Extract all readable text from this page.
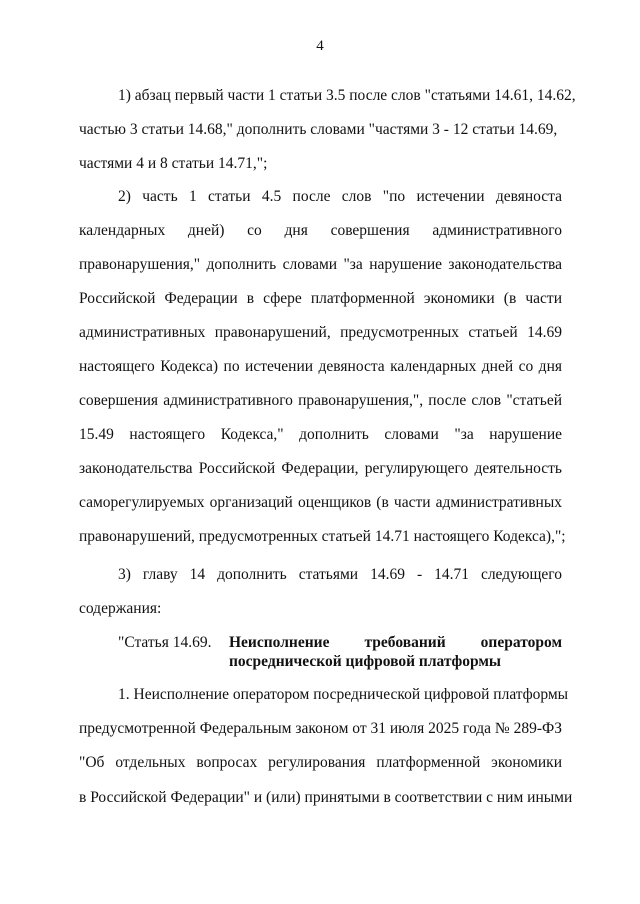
4
1) абзац первый части 1 статьи 3.5 после слов "статьями 14.61, 14.62,
частью 3 статьи 14.68," дополнить словами "частями 3 - 12 статьи 14.69,
частями 4 и 8 статьи 14.71,";
2) часть 1 статьи 4.5 после слов "по истечении девяноста
календарных дней) со дня совершения административного
правонарушения," дополнить словами "за нарушение законодательства
Российской Федерации в сфере платформенной экономики (в части
административных правонарушений, предусмотренных статьей 14.69
настоящего Кодекса) по истечении девяноста календарных дней со дня
совершения административного правонарушения,", после слов "статьей
15.49 настоящего Кодекса," дополнить словами "за нарушение
законодательства Российской Федерации, регулирующего деятельность
саморегулируемых организаций оценщиков (в части административных
правонарушений, предусмотренных статьей 14.71 настоящего Кодекса),";
3) главу 14 дополнить статьями 14.69 - 14.71 следующего
содержания:
"Статья 14.69. Неисполнение требований оператором
посреднической цифровой платформы
1. Неисполнение оператором посреднической цифровой платформы
предусмотренной Федеральным законом от 31 июля 2025 года № 289-ФЗ
"Об отдельных вопросах регулирования платформенной экономики
в Российской Федерации" и (или) принятыми в соответствии с ним иными
